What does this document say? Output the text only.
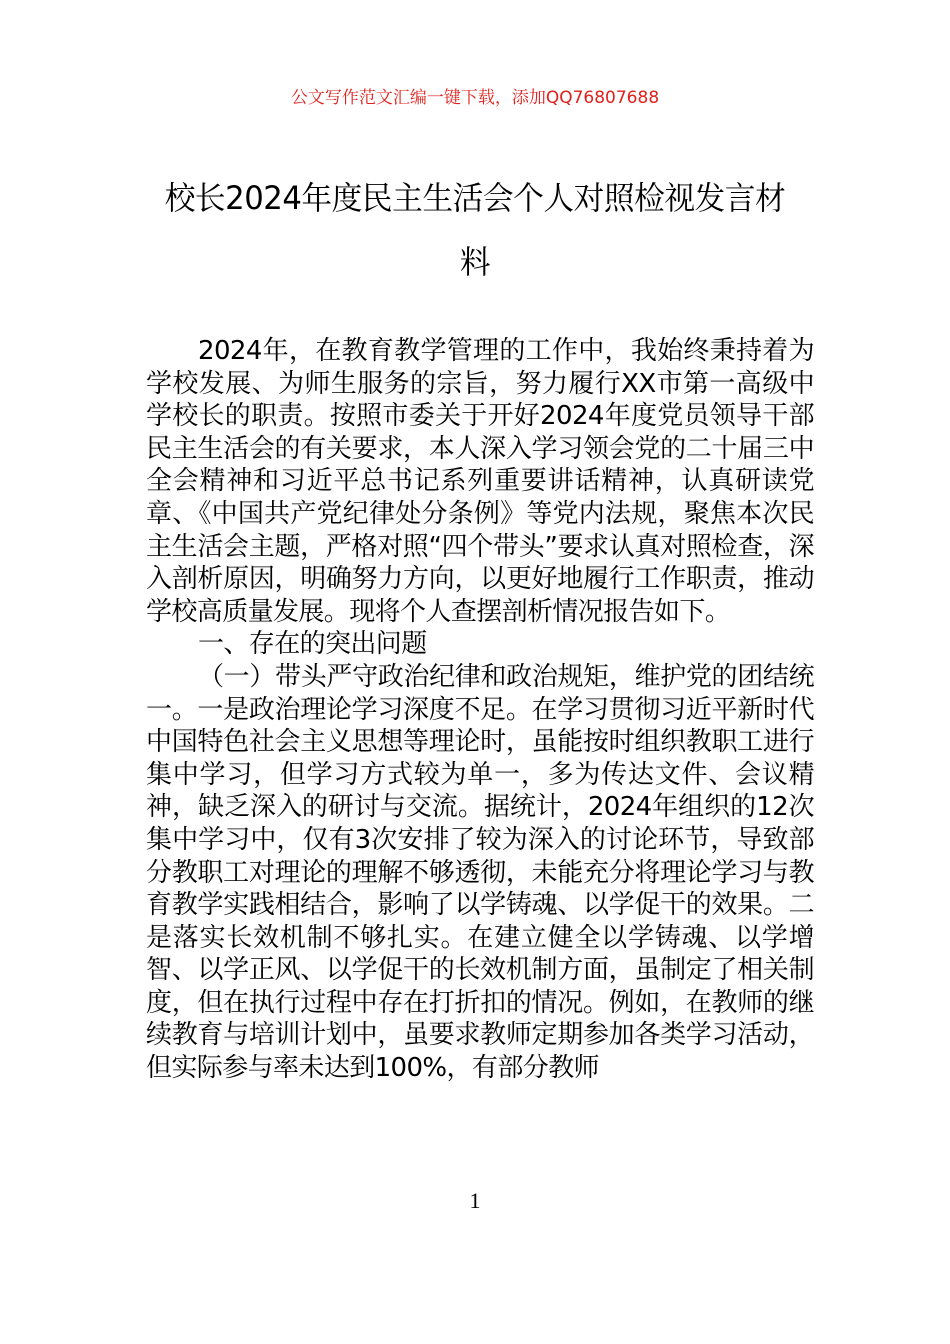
公文写作范文汇编一键下载，添加QQ76807688
校长2024年度民主生活会个人对照检视发言材料

2024年，在教育教学管理的工作中，我始终秉持着为学校发展、为师生服务的宗旨，努力履行XX市第一高级中学校长的职责。按照市委关于开好2024年度党员领导干部民主生活会的有关要求，本人深入学习领会党的二十届三中全会精神和习近平总书记系列重要讲话精神，认真研读党章、《中国共产党纪律处分条例》等党内法规，聚焦本次民主生活会主题，严格对照“四个带头”要求认真对照检查，深入剖析原因，明确努力方向，以更好地履行工作职责，推动学校高质量发展。现将个人查摆剖析情况报告如下。

一、存在的突出问题

（一）带头严守政治纪律和政治规矩，维护党的团结统一。一是政治理论学习深度不足。在学习贯彻习近平新时代中国特色社会主义思想等理论时，虽能按时组织教职工进行集中学习，但学习方式较为单一，多为传达文件、会议精神，缺乏深入的研讨与交流。据统计，2024年组织的12次集中学习中，仅有3次安排了较为深入的讨论环节，导致部分教职工对理论的理解不够透彻，未能充分将理论学习与教育教学实践相结合，影响了以学铸魂、以学促干的效果。二是落实长效机制不够扎实。在建立健全以学铸魂、以学增智、以学正风、以学促干的长效机制方面，虽制定了相关制度，但在执行过程中存在打折扣的情况。例如，在教师的继续教育与培训计划中，虽要求教师定期参加各类学习活动，但实际参与率未达到100%，有部分教师

1
